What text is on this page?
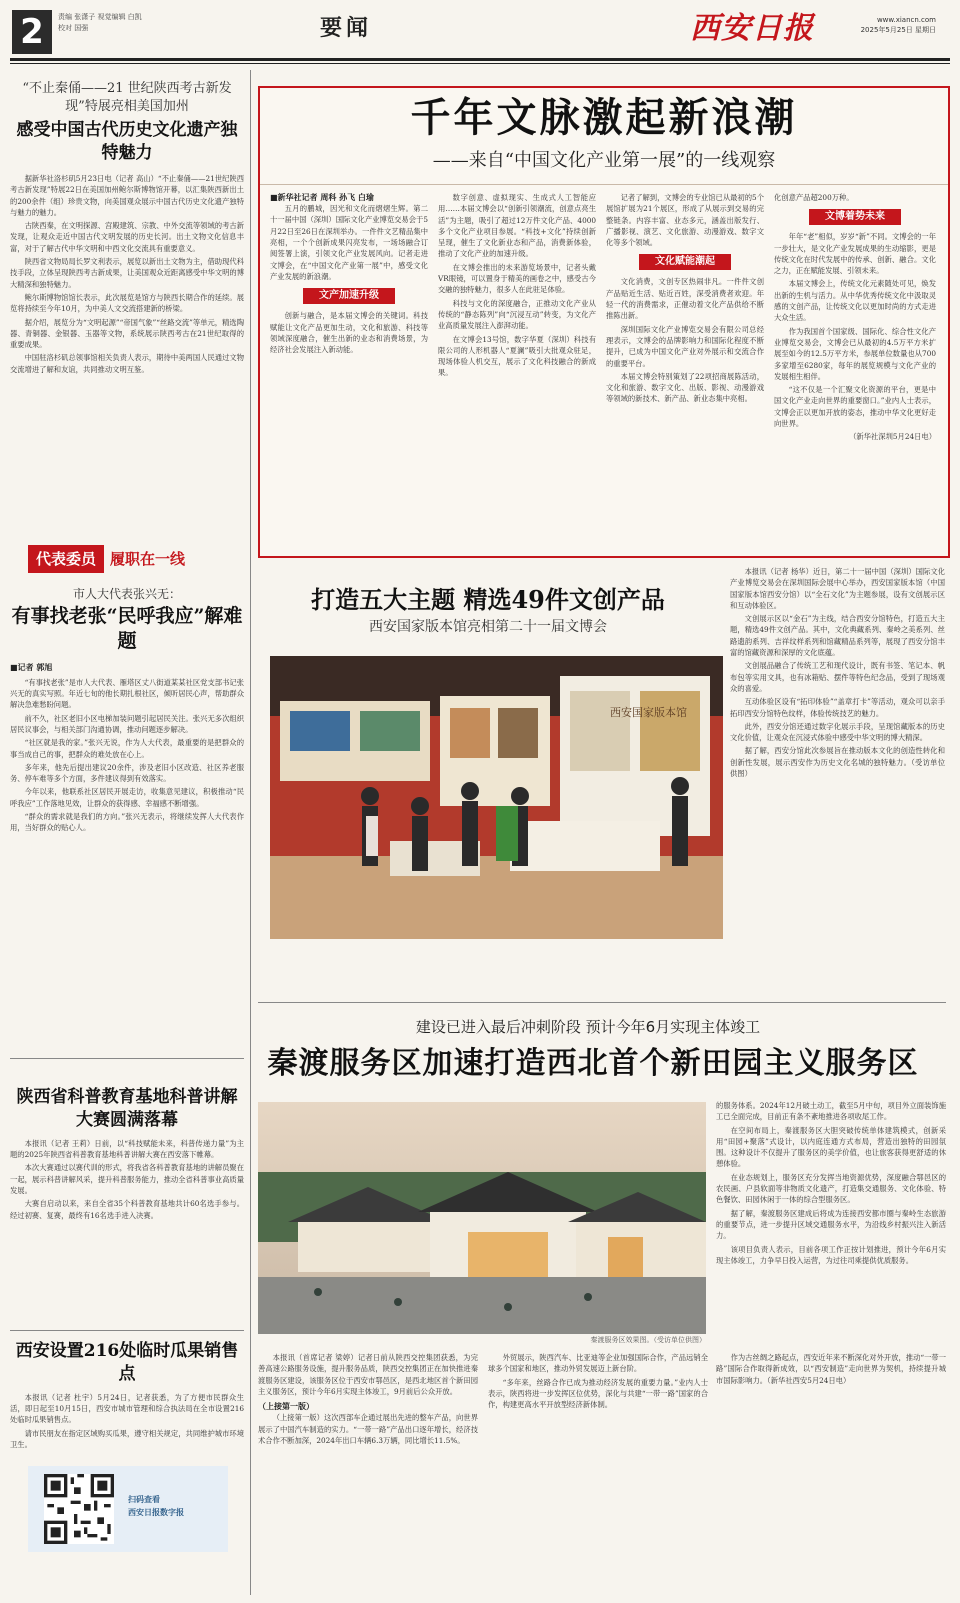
2	责编 张潇子 视觉编辑 白凯
校对 国强	要闻	西安日报	www.xiancn.com
2025年5月25日 星期日
“不止秦俑——21 世纪陕西考古新发现”特展亮相美国加州
感受中国古代历史文化遗产独特魅力

据新华社洛杉矶5月23日电（记者 高山）“不止秦俑——21世纪陕西考古新发现”特展22日在美国加州鲍尔斯博物馆开幕，以汇集陕西新出土的200余件（组）珍贵文物，向美国观众展示中国古代历史文化遗产独特与魅力的魅力。

古陕西秦，在文明探源、宫殿建筑、宗教、中外交流等领域的考古新发现，让观众走近中国古代文明发展的历史长河。出土文物文化信息丰富，对于了解古代中华文明和中西文化交流具有重要意义。

陕西省文物局局长罗文利表示，展览以新出土文物为主，借助现代科技手段，立体呈现陕西考古新成果，让美国观众近距离感受中华文明的博大精深和独特魅力。

鲍尔斯博物馆馆长表示，此次展览是馆方与陕西长期合作的延续。展览将持续至今年10月，为中美人文交流搭建新的桥梁。

据介绍，展览分为“文明起源”“帝国气象”“丝路交流”等单元，精选陶器、青铜器、金银器、玉器等文物，系统展示陕西考古在21世纪取得的重要成果。

中国驻洛杉矶总领事馆相关负责人表示，期待中美两国人民通过文物交流增进了解和友谊，共同推动文明互鉴。

代表委员 履职在一线
市人大代表张兴无：
有事找老张“民呼我应”解难题
■记者 郭旭

“有事找老张”是市人大代表、雁塔区丈八街道某某社区党支部书记张兴无的真实写照。年近七旬的他长期扎根社区，倾听居民心声，帮助群众解决急难愁盼问题。

前不久，社区老旧小区电梯加装问题引起居民关注。张兴无多次组织居民议事会，与相关部门沟通协调，推动问题逐步解决。

“社区就是我的家。”张兴无说，作为人大代表，最重要的是把群众的事当成自己的事，把群众的难处放在心上。

多年来，他先后提出建议20余件，涉及老旧小区改造、社区养老服务、停车难等多个方面，多件建议得到有效落实。

今年以来，他联系社区居民开展走访，收集意见建议，积极推动“民呼我应”工作落地见效，让群众的获得感、幸福感不断增强。

“群众的需求就是我们的方向。”张兴无表示，将继续发挥人大代表作用，当好群众的贴心人。

陕西省科普教育基地科普讲解大赛圆满落幕

本报讯（记者 王莉）日前，以“科技赋能未来，科普传递力量”为主题的2025年陕西省科普教育基地科普讲解大赛在西安落下帷幕。

本次大赛通过以赛代训的形式，将我省各科普教育基地的讲解员聚在一起，展示科普讲解风采，提升科普服务能力，推动全省科普事业高质量发展。

大赛自启动以来，来自全省35个科普教育基地共计60名选手参与。经过初赛、复赛，最终有16名选手进入决赛。

西安设置216处临时瓜果销售点

本报讯（记者 杜宇）5月24日，记者获悉，为了方便市民群众生活，即日起至10月15日，西安市城市管理和综合执法局在全市设置216处临时瓜果销售点。

请市民朋友在指定区域购买瓜果，遵守相关规定，共同维护城市环境卫生。

扫码查看
西安日报数字报
千年文脉激起新浪潮
——来自“中国文化产业第一展”的一线观察
■新华社记者 周科 孙飞 白瑜

五月的鹏城，因光和文化而熠熠生辉。第二十一届中国（深圳）国际文化产业博览交易会于5月22日至26日在深圳举办。一件件文艺精品集中亮相，一个个创新成果闪亮发布，一场场融合订阅签署上演，引领文化产业发展风向。记者走进文博会，在“中国文化产业第一展”中，感受文化产业发展的新浪潮。

文产加速升级

创新与融合，是本届文博会的关键词。科技赋能让文化产品更加生动，文化和旅游、科技等领域深度融合，催生出新的业态和消费场景，为经济社会发展注入新动能。

数字创意、虚拟现实、生成式人工智能应用……本届文博会以“创新引领潮流，创意点亮生活”为主题，吸引了超过12万件文化产品、4000多个文化产业项目参展。“科技+文化”持续创新呈现，催生了文化新业态和产品，消费新体验，推动了文化产业的加速升级。

在文博会推出的未来游览场景中，记者头戴VR眼镜，可以置身于精美的画卷之中，感受古今交融的独特魅力，很多人在此驻足体验。

科技与文化的深度融合，正推动文化产业从传统的“静态陈列”向“沉浸互动”转变，为文化产业高质量发展注入澎湃动能。

在文博会13号馆，数字华夏（深圳）科技有限公司的人形机器人“夏澜”吸引大批观众驻足，现场体验人机交互，展示了文化科技融合的新成果。

记者了解到，文博会的专业馆已从最初的5个展馆扩展为21个展区，形成了从展示到交易的完整链条。内容丰富、业态多元，涵盖出版发行、广播影视、演艺、文化旅游、动漫游戏、数字文化等多个领域。

文化赋能潮起

文化消费，文创专区热闹非凡。一件件文创产品贴近生活、贴近百姓，深受消费者欢迎。年轻一代的消费需求，正催动着文化产品供给不断推陈出新。

深圳国际文化产业博览交易会有限公司总经理表示，文博会的品牌影响力和国际化程度不断提升，已成为中国文化产业对外展示和交流合作的重要平台。

本届文博会特别策划了22项招商展陈活动，文化和旅游、数字文化、出版、影视、动漫游戏等领域的新技术、新产品、新业态集中亮相。

化创意产品超200万种。

文博着势未来

年年“老”相似，岁岁“新”不同。文博会的一年一步壮大，是文化产业发展成果的生动缩影，更是传统文化在时代发展中的传承、创新、融合。文化之力，正在赋能发展、引领未来。

本届文博会上，传统文化元素随处可见，焕发出新的生机与活力。从中华优秀传统文化中汲取灵感的文创产品，让传统文化以更加时尚的方式走进大众生活。

作为我国首个国家级、国际化、综合性文化产业博览交易会，文博会已从最初的4.5万平方米扩展至如今的12.5万平方米，参展单位数量也从700多家增至6280家，每年的展览规模与文化产业的发展相生相伴。

“这不仅是一个汇聚文化资源的平台，更是中国文化产业走向世界的重要窗口。”业内人士表示，文博会正以更加开放的姿态，推动中华文化更好走向世界。

（新华社深圳5月24日电）

打造五大主题 精选49件文创产品
西安国家版本馆亮相第二十一届文博会
西安国家版本馆

本报讯（记者 杨华）近日，第二十一届中国（深圳）国际文化产业博览交易会在深圳国际会展中心举办，西安国家版本馆（中国国家版本馆西安分馆）以“全石文化”为主题参展，设有文创展示区和互动体验区。

文创展示区以“金石”为主线，结合西安分馆特色，打造五大主题，精选49件文创产品。其中，文化典藏系列、秦岭之美系列、丝路遗韵系列、吉祥纹样系列和馆藏精品系列等，展现了西安分馆丰富的馆藏资源和深厚的文化底蕴。

文创展品融合了传统工艺和现代设计，既有书签、笔记本、帆布包等实用文具，也有冰箱贴、摆件等特色纪念品，受到了现场观众的喜爱。

互动体验区设有“拓印体验”“盖章打卡”等活动，观众可以亲手拓印西安分馆特色纹样，体验传统技艺的魅力。

此外，西安分馆还通过数字化展示手段，呈现馆藏版本的历史文化价值，让观众在沉浸式体验中感受中华文明的博大精深。

据了解，西安分馆此次参展旨在推动版本文化的创造性转化和创新性发展，展示西安作为历史文化名城的独特魅力。（受访单位供图）

建设已进入最后冲刺阶段 预计今年6月实现主体竣工
秦渡服务区加速打造西北首个新田园主义服务区
秦渡服务区效果图。（受访单位供图）

的服务体系。2024年12月破土动工，截至5月中旬，项目外立面装饰施工已全面完成，目前正有条不紊地推进各项收尾工作。

在空间布局上，秦渡服务区大胆突破传统单体建筑模式，创新采用“田园+聚落”式设计，以内庭连通方式布局，营造出独特的田园氛围。这种设计不仅提升了服务区的美学价值，也让旅客获得更舒适的休憩体验。

在业态规划上，服务区充分发挥当地资源优势，深度融合鄠邑区的农民画、户县软面等非物质文化遗产，打造集交通服务、文化体验、特色餐饮、田园休闲于一体的综合型服务区。

据了解，秦渡服务区建成后将成为连接西安都市圈与秦岭生态旅游的重要节点，进一步提升区域交通服务水平，为沿线乡村振兴注入新活力。

该项目负责人表示，目前各项工作正按计划推进，预计今年6月实现主体竣工，力争早日投入运营，为过往司乘提供优质服务。

本报讯（首席记者 梁婷）记者日前从陕西交控集团获悉，为完善高速公路服务设施，提升服务品质，陕西交控集团正在加快推进秦渡服务区建设，该服务区位于西安市鄠邑区，是西北地区首个新田园主义服务区，预计今年6月实现主体竣工，9月前后公众开放。

（上接第一版）

（上接第一版）这次西部车企通过展出先进的整车产品，向世界展示了中国汽车制造的实力。“一带一路”产品出口逐年增长，经济技术合作不断加深，2024年出口车辆6.3万辆，同比增长11.5%。

外贸展示，陕西汽车、比亚迪等企业加强国际合作，产品远销全球多个国家和地区，推动外贸发展迈上新台阶。

“多年来，丝路合作已成为推动经济发展的重要力量。”业内人士表示，陕西将进一步发挥区位优势，深化与共建“一带一路”国家的合作，构建更高水平开放型经济新体制。

作为古丝绸之路起点，西安近年来不断深化对外开放，推动“一带一路”国际合作取得新成效，以“西安制造”走向世界为契机，持续提升城市国际影响力。（新华社西安5月24日电）
